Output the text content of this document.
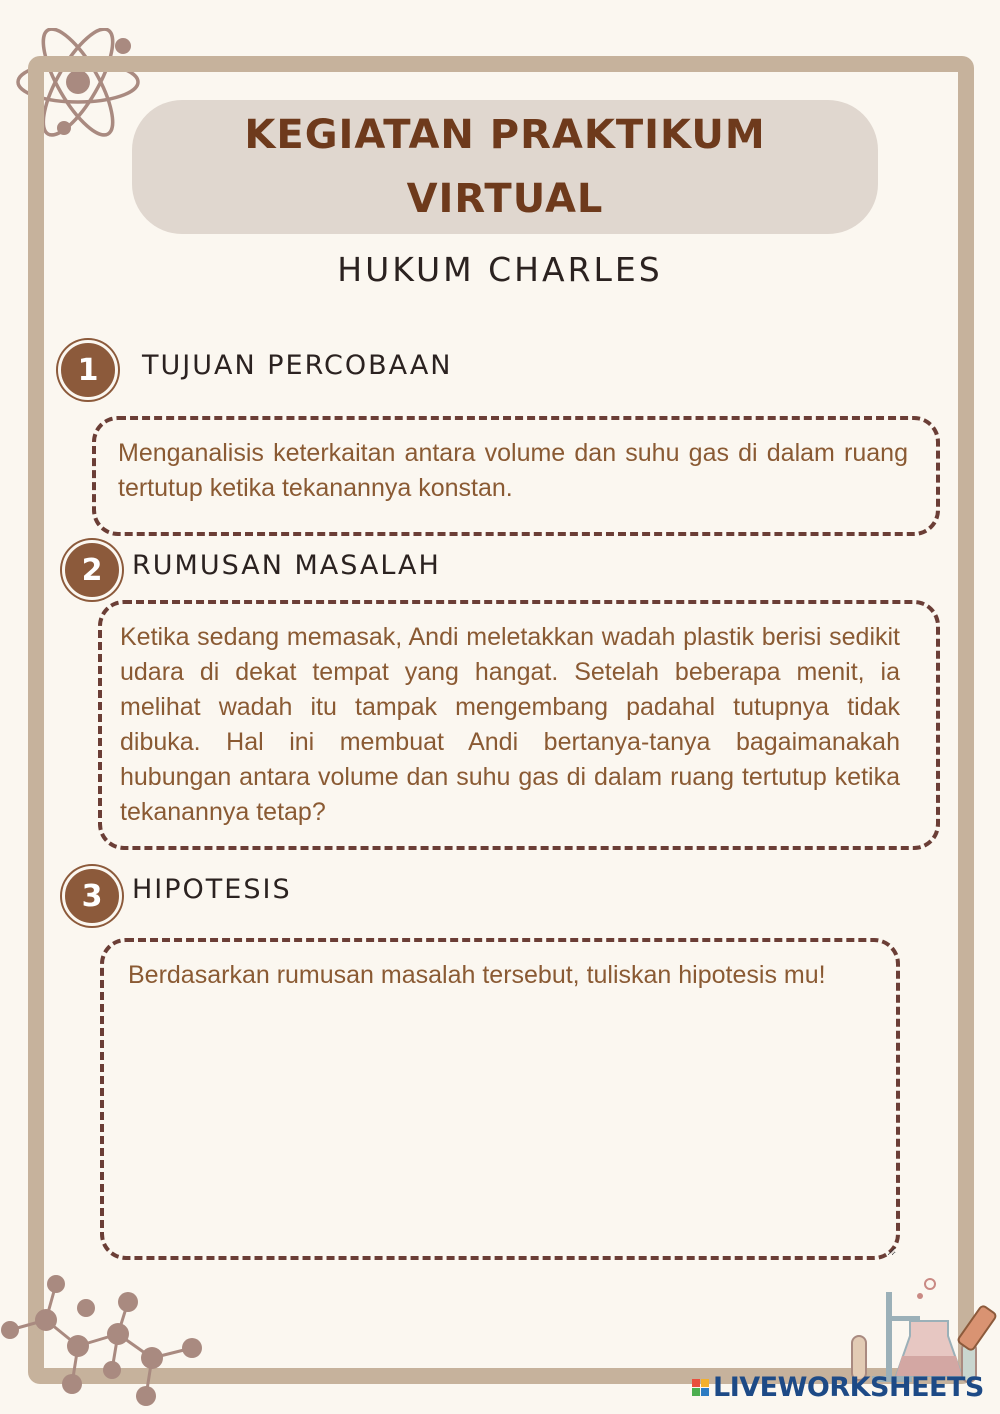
KEGIATAN PRAKTIKUM
VIRTUAL
HUKUM CHARLES
1	TUJUAN PERCOBAAN
Menganalisis keterkaitan antara volume dan suhu gas di dalam ruang tertutup ketika tekanannya konstan.
2	RUMUSAN MASALAH
Ketika sedang memasak, Andi meletakkan wadah plastik berisi sedikit udara di dekat tempat yang hangat. Setelah beberapa menit, ia melihat wadah itu tampak mengembang padahal tutupnya tidak dibuka. Hal ini membuat Andi bertanya-tanya bagaimanakah hubungan antara volume dan suhu gas di dalam ruang tertutup ketika tekanannya tetap?
3	HIPOTESIS
Berdasarkan rumusan masalah tersebut, tuliskan hipotesis mu!
LIVEWORKSHEETS
